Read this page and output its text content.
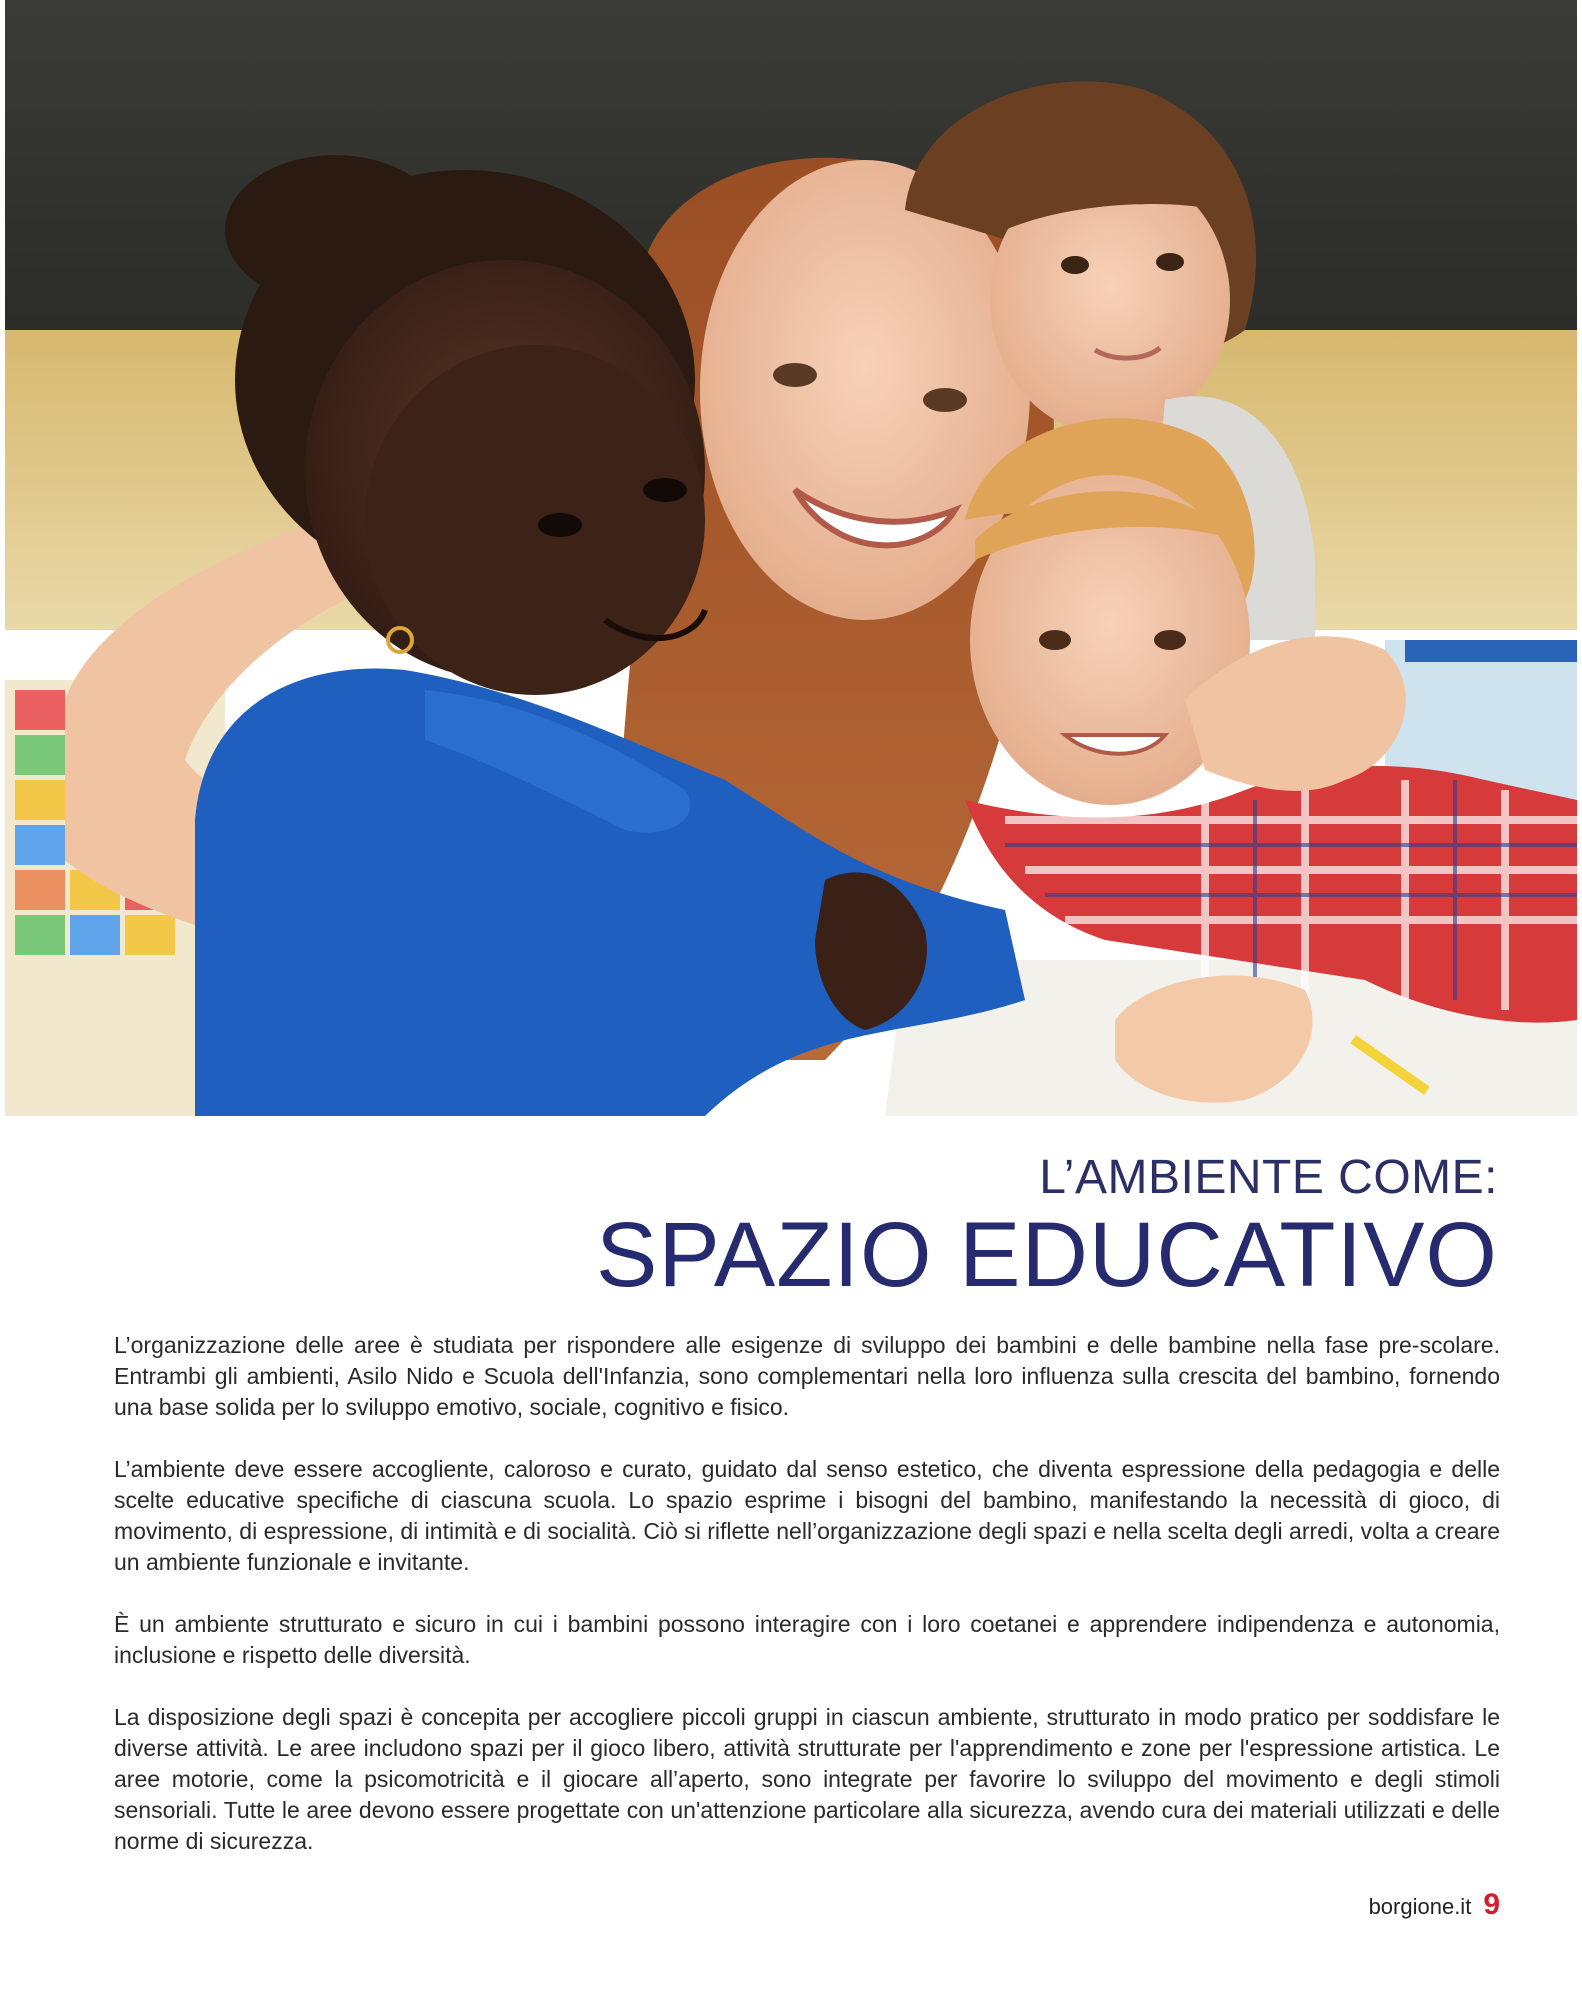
L’AMBIENTE COME:
SPAZIO EDUCATIVO

L’organizzazione delle aree è studiata per rispondere alle esigenze di sviluppo dei bambini e delle bambine nella fase pre-scolare. Entrambi gli ambienti, Asilo Nido e Scuola dell'Infanzia, sono complementari nella loro influenza sulla crescita del bambino, fornendo una base solida per lo sviluppo emotivo, sociale, cognitivo e fisico.

L’ambiente deve essere accogliente, caloroso e curato, guidato dal senso estetico, che diventa espressione della pedagogia e delle scelte educative specifiche di ciascuna scuola. Lo spazio esprime i bisogni del bambino, manifestando la necessità di gioco, di movimento, di espressione, di intimità e di socialità. Ciò si riflette nell’organizzazione degli spazi e nella scelta degli arredi, volta a creare un ambiente funzionale e invitante.

È un ambiente strutturato e sicuro in cui i bambini possono interagire con i loro coetanei e apprendere indipendenza e autonomia, inclusione e rispetto delle diversità.

La disposizione degli spazi è concepita per accogliere piccoli gruppi in ciascun ambiente, strutturato in modo pratico per soddisfare le diverse attività. Le aree includono spazi per il gioco libero, attività strutturate per l'apprendimento e zone per l'espressione artistica. Le aree motorie, come la psicomotricità e il giocare all’aperto, sono integrate per favorire lo sviluppo del movimento e degli stimoli sensoriali. Tutte le aree devono essere progettate con un'attenzione particolare alla sicurezza, avendo cura dei materiali utilizzati e delle norme di sicurezza.

borgione.it 9
